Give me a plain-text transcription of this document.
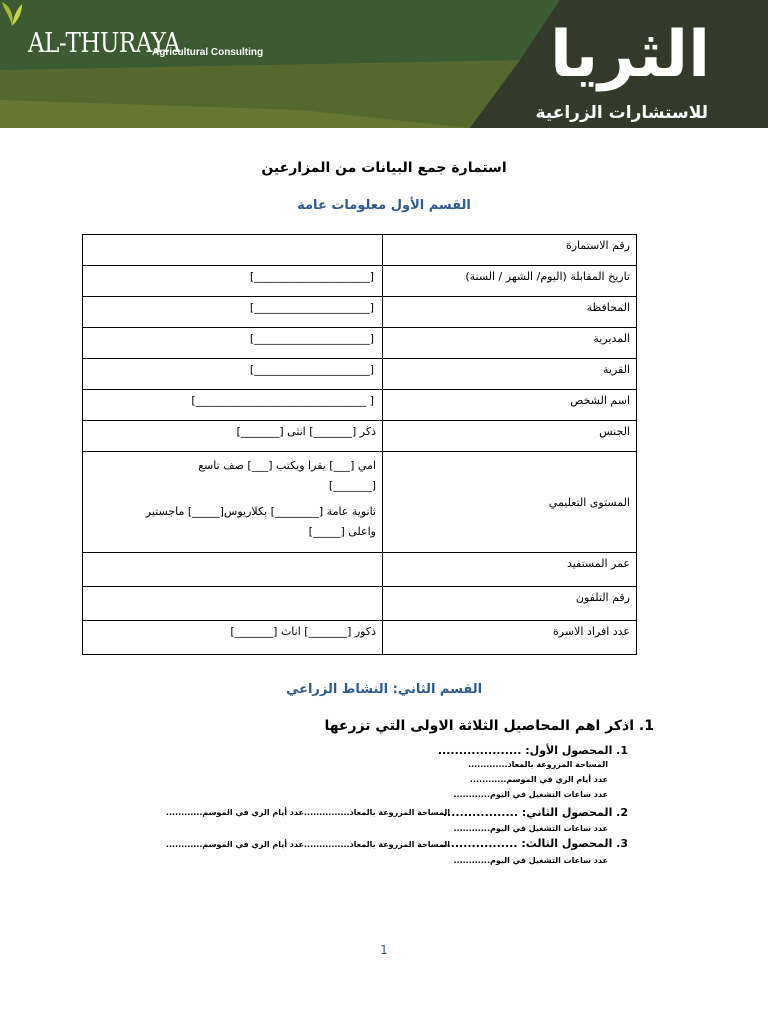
AL-THURAYA
Agricultural Consulting	الثريا
للاستشارات الزراعية
استمارة جمع البيانات من المزارعين
القسم الأول معلومات عامة
رقم الاستمارة	
تاريخ المقابلة (اليوم/ الشهر / السنة)	[_____________________]
المحافظة	[_____________________]
المديرية	[_____________________]
القرية	[_____________________]
اسم الشخص	[_______________________________ ]
الجنس	ذكر [_______] انثى [_______]
المستوى التعليمي	امي [___] يقرا ويكتب [___] صف تاسع
[_______]
ثانوية عامة [________] بكلاريوس[_____] ماجستير
واعلى [_____]

عمر المستفيد	
رقم التلفون	
عدد افراد الاسرة	ذكور [_______] اناث [_______]
القسم الثاني: النشاط الزراعي
1. اذكر اهم المحاصيل الثلاثة الاولى التي تزرعها
1. المحصول الأول: ....................
المساحة المزروعة بالمعاد.............
عدد أيام الري في الموسم............
عدد ساعات التشغيل في اليوم............
2. المحصول الثاني: ..................
المساحة المزروعة بالمعاد...............عدد أيام الري في الموسم............
عدد ساعات التشغيل في اليوم............
3. المحصول الثالث: ..................
المساحة المزروعة بالمعاد...............عدد أيام الري في الموسم............
عدد ساعات التشغيل في اليوم............
1
